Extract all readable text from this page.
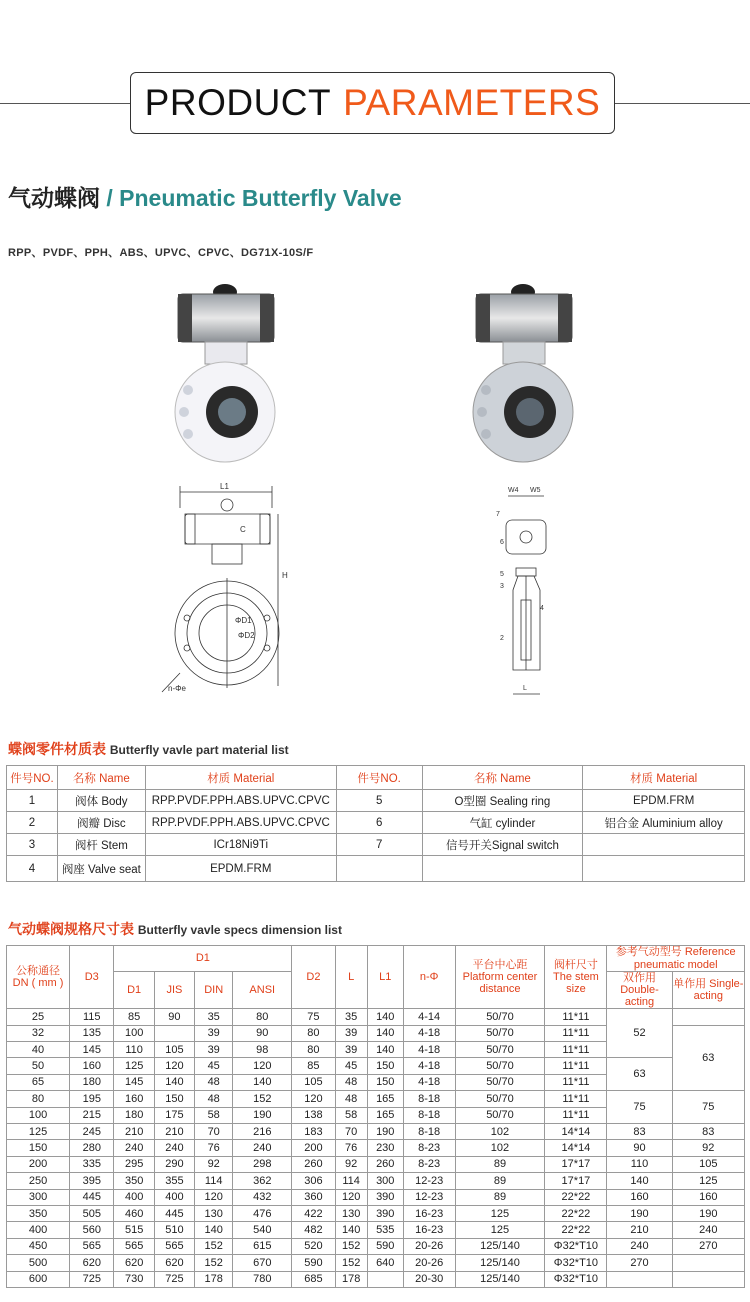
PRODUCT PARAMETERS
气动蝶阀 / Pneumatic Butterfly Valve
RPP、PVDF、PPH、ABS、UPVC、CPVC、DG71X-10S/F
L1
C
H
ΦD1
ΦD2
n-Φe
W4 W5
7
6
5
3
2
4
L
蝶阀零件材质表 Butterfly vavle part material list
件号NO.	名称 Name	材质 Material	件号NO.	名称 Name	材质 Material
1	阀体 Body	RPP.PVDF.PPH.ABS.UPVC.CPVC	5	O型圈 Sealing ring	EPDM.FRM
2	阀瓣 Disc	RPP.PVDF.PPH.ABS.UPVC.CPVC	6	气缸 cylinder	铝合金 Aluminium alloy
3	阀杆 Stem	ICr18Ni9Ti	7	信号开关Signal switch	
4	阀座 Valve seat	EPDM.FRM			
气动蝶阀规格尺寸表 Butterfly vavle specs dimension list
公称通径 DN ( mm )	D3	D1				D2	L	L1	n-Φ	平台中心距 Platform center distance	阀杆尺寸 The stem size	参考气动型号 Reference pneumatic model	
		D1	JIS	DIN	ANSI							双作用 Double-acting	单作用 Single-acting
25	115	85	90	35	80	75	35	140	4-14	50/70	11*11	52	
32	135	100		39	90	80	39	140	4-18	50/70	11*11		63
40	145	110	105	39	98	80	39	140	4-18	50/70	11*11		
50	160	125	120	45	120	85	45	150	4-18	50/70	11*11	63	
65	180	145	140	48	140	105	48	150	4-18	50/70	11*11		
80	195	160	150	48	152	120	48	165	8-18	50/70	11*11	75	75
100	215	180	175	58	190	138	58	165	8-18	50/70	11*11		
125	245	210	210	70	216	183	70	190	8-18	102	14*14	83	83
150	280	240	240	76	240	200	76	230	8-23	102	14*14	90	92
200	335	295	290	92	298	260	92	260	8-23	89	17*17	110	105
250	395	350	355	114	362	306	114	300	12-23	89	17*17	140	125
300	445	400	400	120	432	360	120	390	12-23	89	22*22	160	160
350	505	460	445	130	476	422	130	390	16-23	125	22*22	190	190
400	560	515	510	140	540	482	140	535	16-23	125	22*22	210	240
450	565	565	565	152	615	520	152	590	20-26	125/140	Φ32*T10	240	270
500	620	620	620	152	670	590	152	640	20-26	125/140	Φ32*T10	270	
600	725	730	725	178	780	685	178		20-30	125/140	Φ32*T10		
